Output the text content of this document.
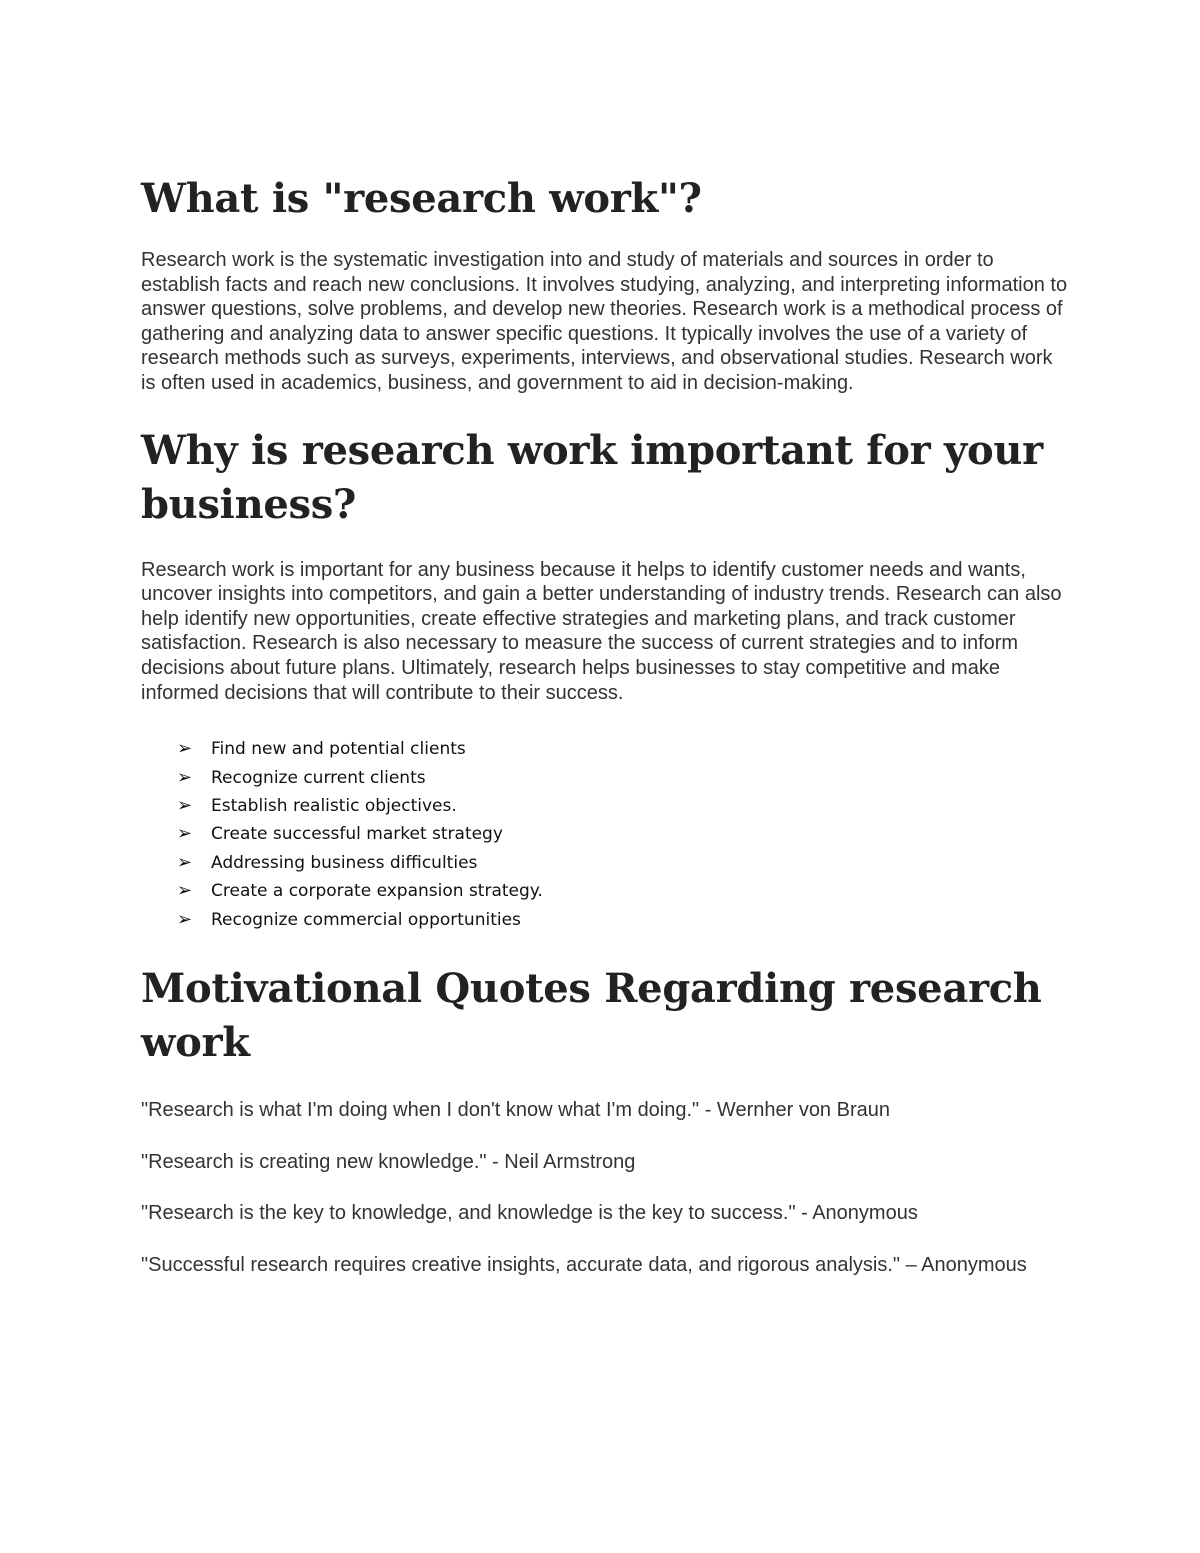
What is "research work"?

Research work is the systematic investigation into and study of materials and sources in order to establish facts and reach new conclusions. It involves studying, analyzing, and interpreting information to answer questions, solve problems, and develop new theories. Research work is a methodical process of gathering and analyzing data to answer specific questions. It typically involves the use of a variety of research methods such as surveys, experiments, interviews, and observational studies. Research work is often used in academics, business, and government to aid in decision-making.

Why is research work important for your
business?

Research work is important for any business because it helps to identify customer needs and wants, uncover insights into competitors, and gain a better understanding of industry trends. Research can also help identify new opportunities, create effective strategies and marketing plans, and track customer satisfaction. Research is also necessary to measure the success of current strategies and to inform decisions about future plans. Ultimately, research helps businesses to stay competitive and make informed decisions that will contribute to their success.

➢	Find new and potential clients
➢	Recognize current clients
➢	Establish realistic objectives.
➢	Create successful market strategy
➢	Addressing business difficulties
➢	Create a corporate expansion strategy.
➢	Recognize commercial opportunities
Motivational Quotes Regarding research
work

"Research is what I'm doing when I don't know what I'm doing." - Wernher von Braun

"Research is creating new knowledge." - Neil Armstrong

"Research is the key to knowledge, and knowledge is the key to success." - Anonymous

"Successful research requires creative insights, accurate data, and rigorous analysis." – Anonymous
